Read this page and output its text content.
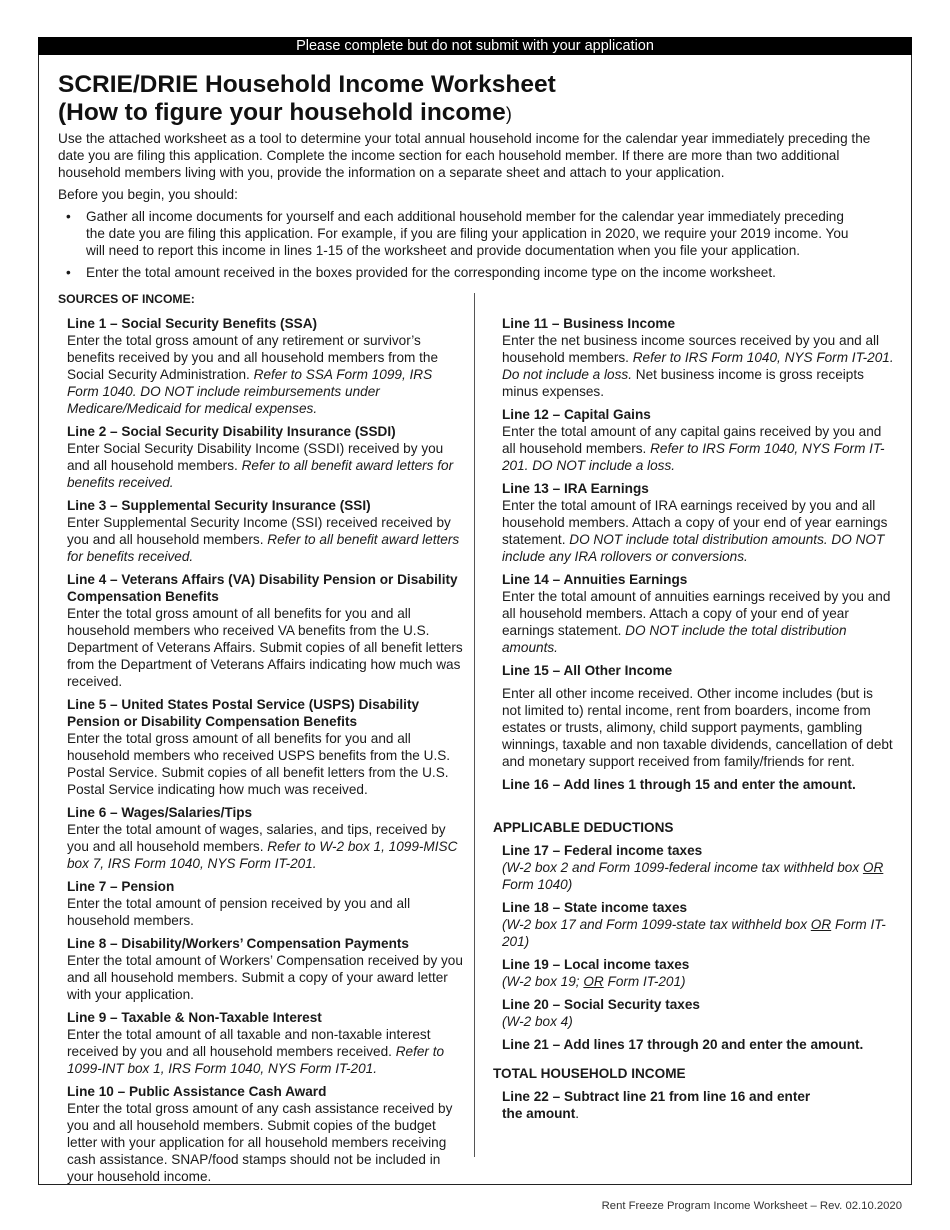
Please complete but do not submit with your application
SCRIE/DRIE Household Income Worksheet
(How to figure your household income)

Use the attached worksheet as a tool to determine your total annual household income for the calendar year immediately preceding the date you are filing this application. Complete the income section for each household member. If there are more than two additional household members living with you, provide the information on a separate sheet and attach to your application.

Before you begin, you should:

• Gather all income documents for yourself and each additional household member for the calendar year immediately preceding the date you are filing this application. For example, if you are filing your application in 2020, we require your 2019 income. You will need to report this income in lines 1-15 of the worksheet and provide documentation when you file your application.
• Enter the total amount received in the boxes provided for the corresponding income type on the income worksheet.
SOURCES OF INCOME:

Line 1 – Social Security Benefits (SSA)

Enter the total gross amount of any retirement or survivor’s benefits received by you and all household members from the Social Security Administration. Refer to SSA Form 1099, IRS Form 1040. DO NOT include reimbursements under Medicare/Medicaid for medical expenses.

Line 2 – Social Security Disability Insurance (SSDI)

Enter Social Security Disability Income (SSDI) received by you and all household members. Refer to all benefit award letters for benefits received.

Line 3 – Supplemental Security Insurance (SSI)

Enter Supplemental Security Income (SSI) received received by you and all household members. Refer to all benefit award letters for benefits received.

Line 4 – Veterans Affairs (VA) Disability Pension or Disability Compensation Benefits

Enter the total gross amount of all benefits for you and all household members who received VA benefits from the U.S. Department of Veterans Affairs. Submit copies of all benefit letters from the Department of Veterans Affairs indicating how much was received.

Line 5 – United States Postal Service (USPS) Disability Pension or Disability Compensation Benefits

Enter the total gross amount of all benefits for you and all household members who received USPS benefits from the U.S. Postal Service. Submit copies of all benefit letters from the U.S. Postal Service indicating how much was received.

Line 6 – Wages/Salaries/Tips

Enter the total amount of wages, salaries, and tips, received by you and all household members. Refer to W-2 box 1, 1099-MISC box 7, IRS Form 1040, NYS Form IT-201.

Line 7 – Pension

Enter the total amount of pension received by you and all household members.

Line 8 – Disability/Workers’ Compensation Payments

Enter the total amount of Workers’ Compensation received by you and all household members. Submit a copy of your award letter with your application.

Line 9 – Taxable & Non-Taxable Interest

Enter the total amount of all taxable and non-taxable interest received by you and all household members received. Refer to 1099-INT box 1, IRS Form 1040, NYS Form IT-201.

Line 10 – Public Assistance Cash Award

Enter the total gross amount of any cash assistance received by you and all household members. Submit copies of the budget letter with your application for all household members receiving cash assistance. SNAP/food stamps should not be included in your household income.

Line 11 – Business Income

Enter the net business income sources received by you and all household members. Refer to IRS Form 1040, NYS Form IT-201. Do not include a loss. Net business income is gross receipts minus expenses.

Line 12 – Capital Gains

Enter the total amount of any capital gains received by you and all household members. Refer to IRS Form 1040, NYS Form IT-201. DO NOT include a loss.

Line 13 – IRA Earnings

Enter the total amount of IRA earnings received by you and all household members. Attach a copy of your end of year earnings statement. DO NOT include total distribution amounts. DO NOT include any IRA rollovers or conversions.

Line 14 – Annuities Earnings

Enter the total amount of annuities earnings received by you and all household members. Attach a copy of your end of year earnings statement. DO NOT include the total distribution amounts.

Line 15 – All Other Income

Enter all other income received. Other income includes (but is not limited to) rental income, rent from boarders, income from estates or trusts, alimony, child support payments, gambling winnings, taxable and non taxable dividends, cancellation of debt and monetary support received from family/friends for rent.

Line 16 – Add lines 1 through 15 and enter the amount.

APPLICABLE DEDUCTIONS

Line 17 – Federal income taxes

(W-2 box 2 and Form 1099-federal income tax withheld box OR Form 1040)

Line 18 – State income taxes

(W-2 box 17 and Form 1099-state tax withheld box OR Form IT-201)

Line 19 – Local income taxes

(W-2 box 19; OR Form IT-201)

Line 20 – Social Security taxes

(W-2 box 4)

Line 21 – Add lines 17 through 20 and enter the amount.

TOTAL HOUSEHOLD INCOME

Line 22 – Subtract line 21 from line 16 and enter the amount.

Rent Freeze Program Income Worksheet – Rev. 02.10.2020
